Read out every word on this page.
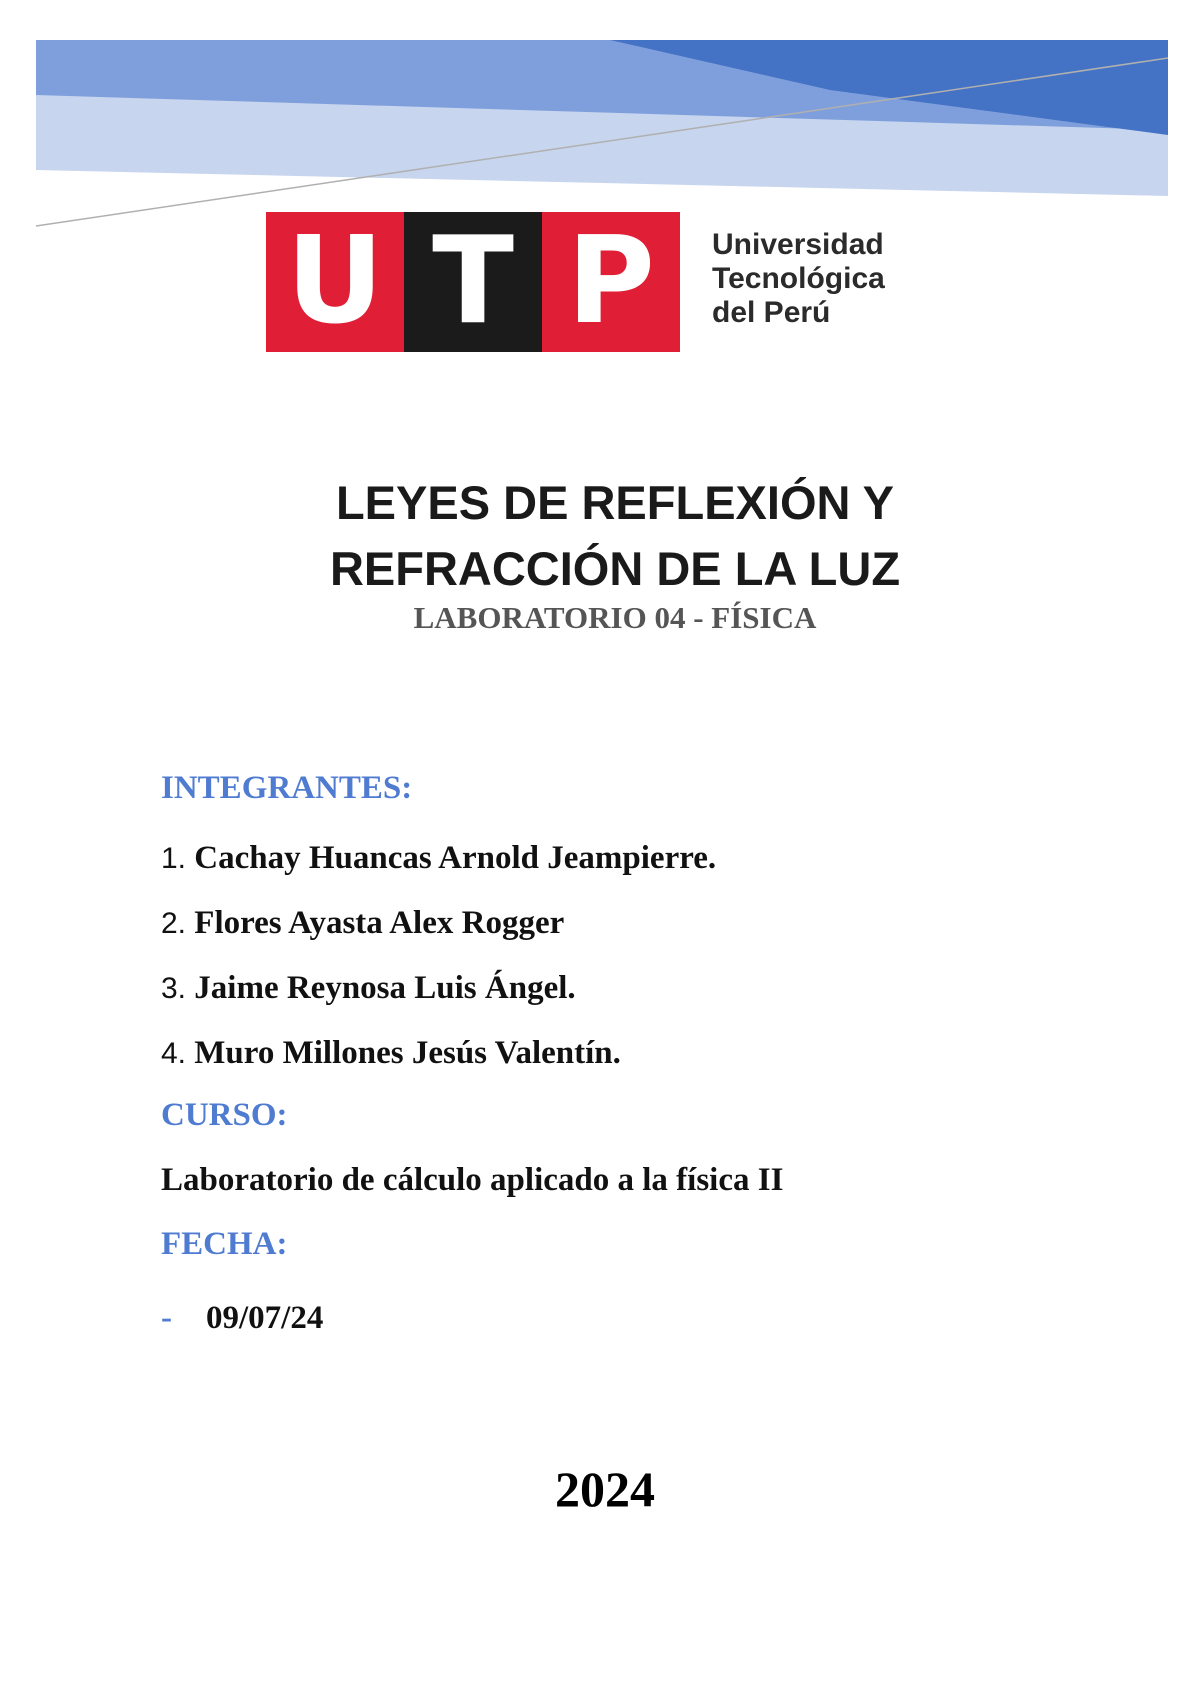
U T P	Universidad
Tecnológica
del Perú
LEYES DE REFLEXIÓN Y
REFRACCIÓN DE LA LUZ
LABORATORIO 04 - FÍSICA
INTEGRANTES:
1. Cachay Huancas Arnold Jeampierre.
2. Flores Ayasta Alex Rogger
3. Jaime Reynosa Luis Ángel.
4. Muro Millones Jesús Valentín.
CURSO:
Laboratorio de cálculo aplicado a la física II
FECHA:
- 09/07/24
2024
